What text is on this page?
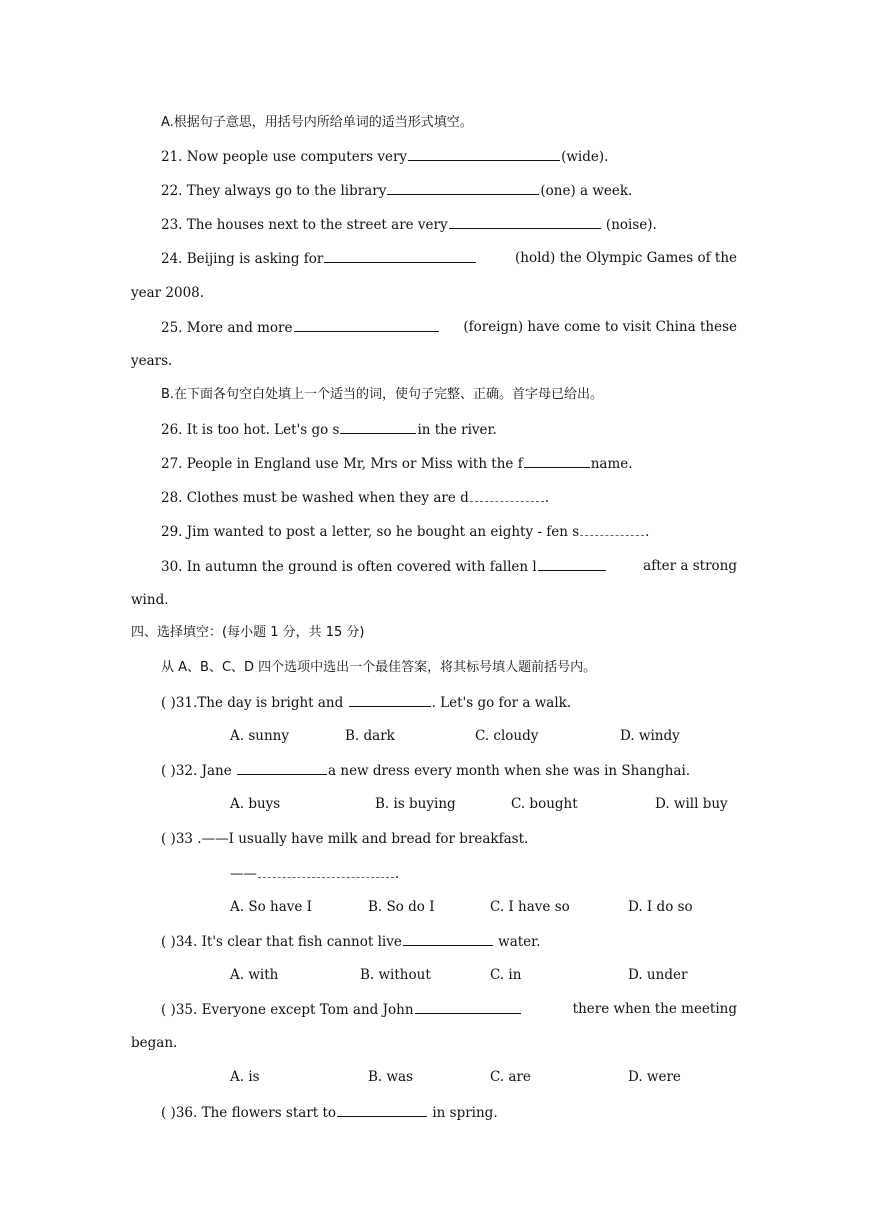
A.根据句子意思，用括号内所给单词的适当形式填空。
21. Now people use computers very	(wide).
22. They always go to the library	(one) a week.
23. The houses next to the street are very	(noise).
24. Beijing is asking for	(hold) the Olympic Games of the
year 2008.
25. More and more	(foreign) have come to visit China these
years.
B.在下面各句空白处填上一个适当的词，使句子完整、正确。首字母已给出。
26. It is too hot. Let's go s	in the river.
27. People in England use Mr, Mrs or Miss with the f	name.
28. Clothes must be washed when they are d	.
29. Jim wanted to post a letter, so he bought an eighty - fen s	.
30. In autumn the ground is often covered with fallen l	after a strong
wind.
四、选择填空：(每小题 1 分，共 15 分)
从 A、B、C、D 四个选项中选出一个最佳答案，将其标号填人题前括号内。
( )31.The day is bright and	. Let's go for a walk.
A. sunny	B. dark	C. cloudy	D. windy
( )32. Jane	a new dress every month when she was in Shanghai.
A. buys	B. is buying	C. bought	D. will buy
( )33 .——I usually have milk and bread for breakfast.
——	.
A. So have I	B. So do I	C. I have so	D. I do so
( )34. It's clear that fish cannot live	water.
A. with	B. without	C. in	D. under
( )35. Everyone except Tom and John	there when the meeting
began.
A. is	B. was	C. are	D. were
( )36. The flowers start to	in spring.
